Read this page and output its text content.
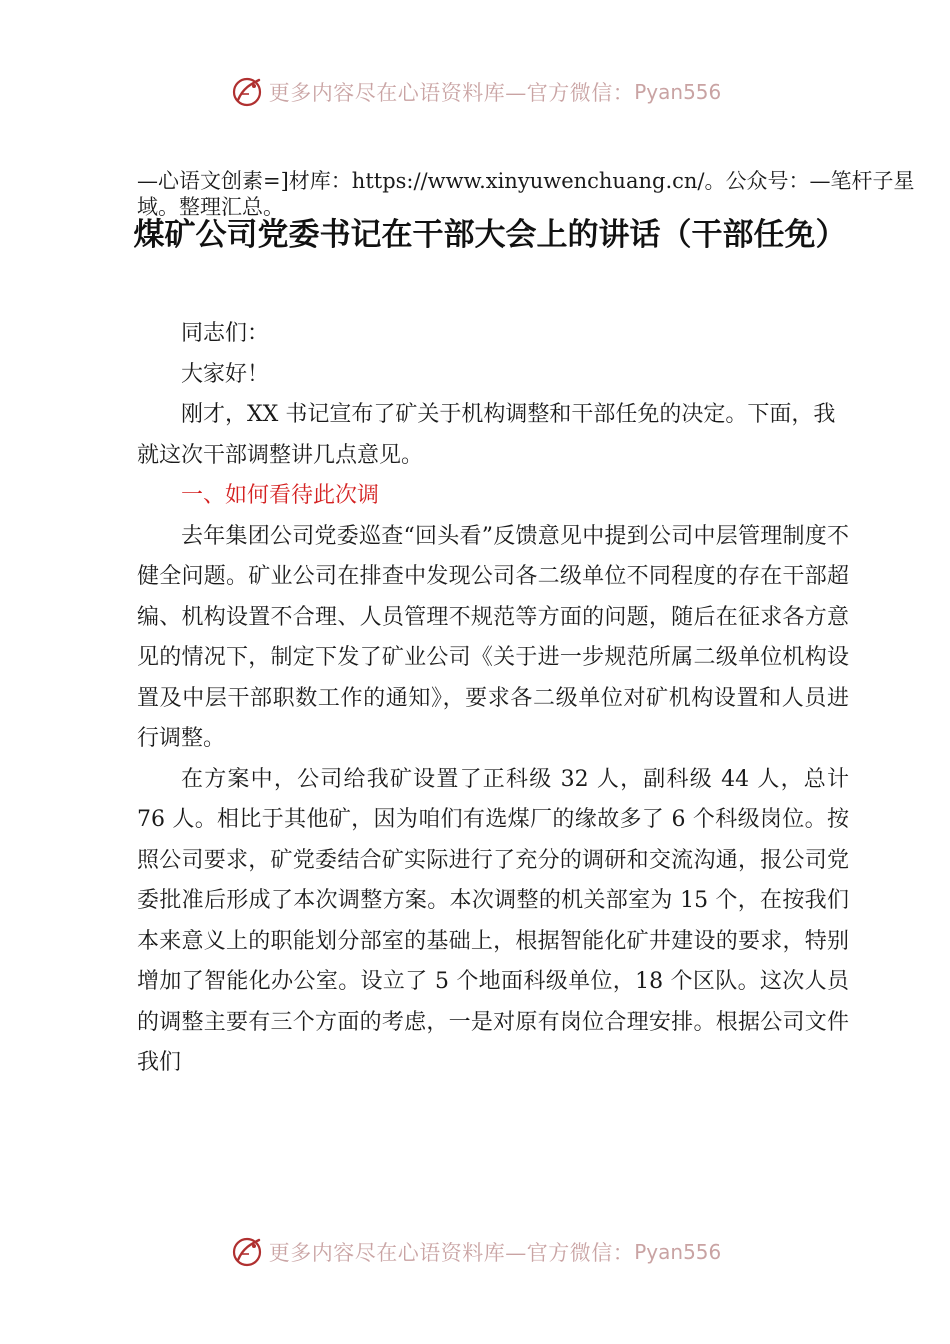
更多内容尽在心语资料库—官方微信： Pyan556
—心语文创素=]材库：https://www.xinyuwenchuang.cn/。公众号：—笔杆子星域。整理汇总。
煤矿公司党委书记在干部大会上的讲话（干部任免）

同志们：

大家好！

刚才，XX 书记宣布了矿关于机构调整和干部任免的决定。下面，我就这次干部调整讲几点意见。

一、如何看待此次调

去年集团公司党委巡查“回头看”反馈意见中提到公司中层管理制度不健全问题。矿业公司在排查中发现公司各二级单位不同程度的存在干部超编、机构设置不合理、人员管理不规范等方面的问题，随后在征求各方意见的情况下，制定下发了矿业公司《关于进一步规范所属二级单位机构设置及中层干部职数工作的通知》，要求各二级单位对矿机构设置和人员进行调整。

在方案中，公司给我矿设置了正科级 32 人，副科级 44 人，总计 76 人。相比于其他矿，因为咱们有选煤厂的缘故多了 6 个科级岗位。按照公司要求，矿党委结合矿实际进行了充分的调研和交流沟通，报公司党委批准后形成了本次调整方案。本次调整的机关部室为 15 个，在按我们本来意义上的职能划分部室的基础上，根据智能化矿井建设的要求，特别增加了智能化办公室。设立了 5 个地面科级单位，18 个区队。这次人员的调整主要有三个方面的考虑，一是对原有岗位合理安排。根据公司文件我们

更多内容尽在心语资料库—官方微信： Pyan556
